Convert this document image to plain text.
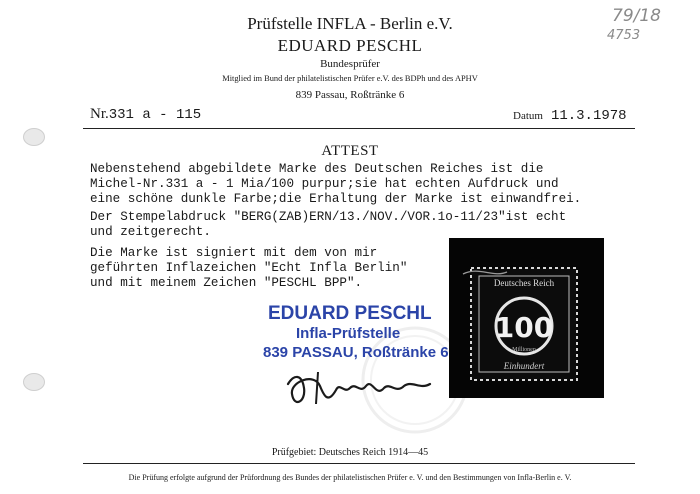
79/18
4753
Prüfstelle INFLA - Berlin e.V.
EDUARD PESCHL
Bundesprüfer
Mitglied im Bund der philatelistischen Prüfer e.V. des BDPh und des APHV
839 Passau, Roßtränke 6
Nr.331 a - 115	Datum 11.3.1978
ATTEST
Nebenstehend abgebildete Marke des Deutschen Reiches ist die
Michel-Nr.331 a - 1 Mia/100 purpur;sie hat echten Aufdruck und
eine schöne dunkle Farbe;die Erhaltung der Marke ist einwandfrei.
Der Stempelabdruck "BERG(ZAB)ERN/13./NOV./VOR.1o-11/23"ist echt
und zeitgerecht.
Die Marke ist signiert mit dem von mir
geführten Inflazeichen "Echt Infla Berlin"
und mit meinem Zeichen "PESCHL BPP".
EDUARD PESCHL
Infla-Prüfstelle
839 PASSAU, Roßtränke 6
Deutsches Reich
100
Millionen
Einhundert
Prüfgebiet: Deutsches Reich 1914—45
Die Prüfung erfolgte aufgrund der Prüfordnung des Bundes der philatelistischen Prüfer e. V. und den Bestimmungen von Infla-Berlin e. V.
